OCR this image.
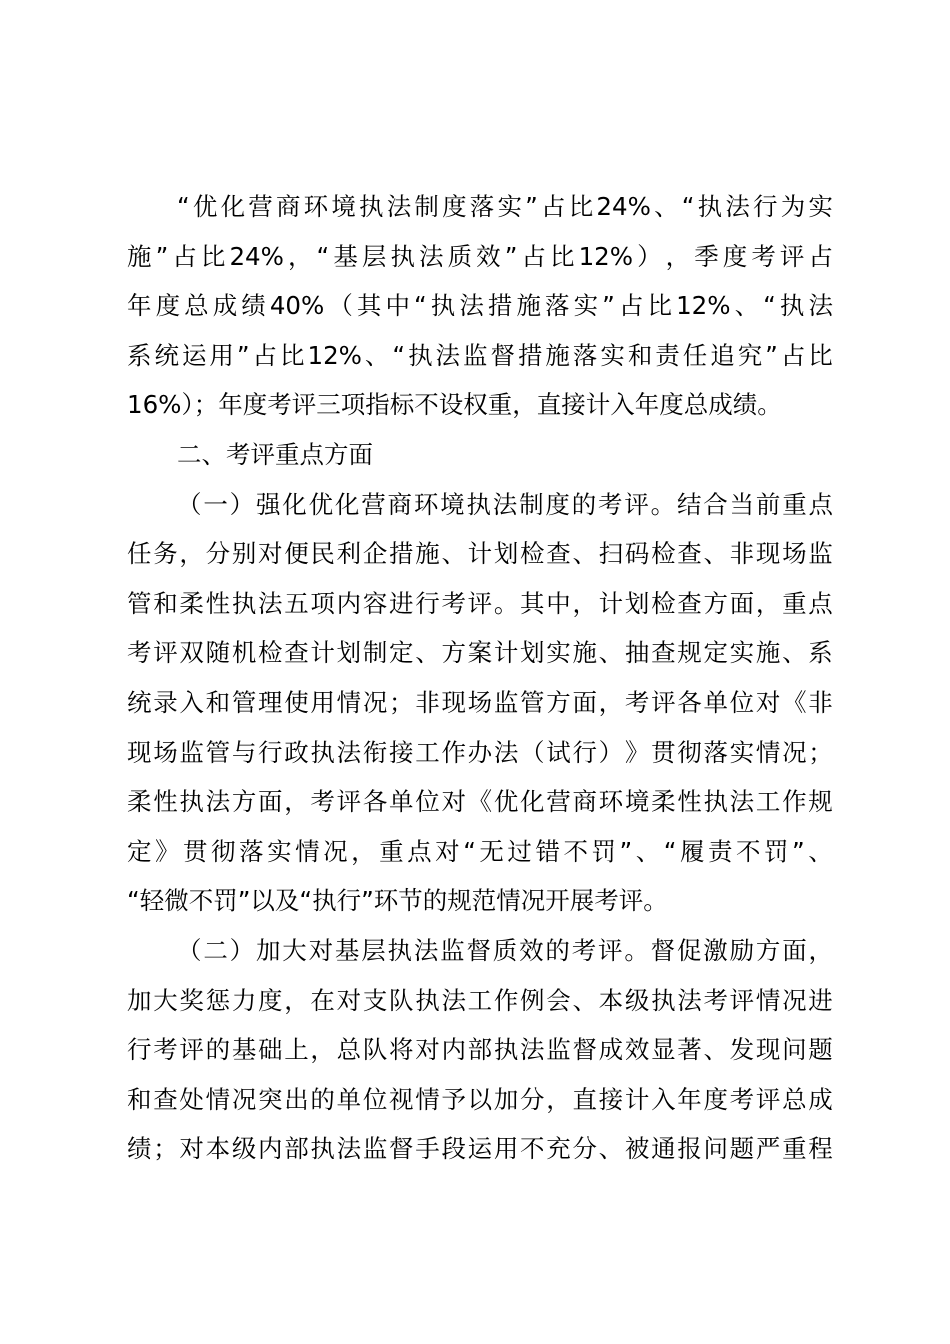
“ 优 化 营 商 环 境 执 法 制 度 落 实 ” 占 比 24% 、 “ 执 法 行 为 实
施 ” 占 比 24% ， “ 基 层 执 法 质 效 ” 占 比 12% ） ， 季 度 考 评 占
年 度 总 成 绩 40% （ 其 中 “ 执 法 措 施 落 实 ” 占 比 12% 、 “ 执 法
系 统 运 用 ” 占 比 12% 、 “ 执 法 监 督 措 施 落 实 和 责 任 追 究 ” 占 比
16%）；年度考评三项指标不设权重，直接计入年度总成绩。
二、考评重点方面
（ 一 ） 强 化 优 化 营 商 环 境 执 法 制 度 的 考 评 。 结 合 当 前 重 点
任 务 ， 分 别 对 便 民 利 企 措 施 、 计 划 检 查 、 扫 码 检 查 、 非 现 场 监
管 和 柔 性 执 法 五 项 内 容 进 行 考 评 。 其 中 ， 计 划 检 查 方 面 ， 重 点
考 评 双 随 机 检 查 计 划 制 定 、 方 案 计 划 实 施 、 抽 查 规 定 实 施 、 系
统 录 入 和 管 理 使 用 情 况 ； 非 现 场 监 管 方 面 ， 考 评 各 单 位 对 《 非
现 场 监 管 与 行 政 执 法 衔 接 工 作 办 法 （ 试 行 ） 》 贯 彻 落 实 情 况 ；
柔 性 执 法 方 面 ， 考 评 各 单 位 对 《 优 化 营 商 环 境 柔 性 执 法 工 作 规
定 》 贯 彻 落 实 情 况 ， 重 点 对 “ 无 过 错 不 罚 ” 、 “ 履 责 不 罚 ” 、
“轻微不罚”以及“执行”环节的规范情况开展考评。
（ 二 ） 加 大 对 基 层 执 法 监 督 质 效 的 考 评 。 督 促 激 励 方 面 ，
加 大 奖 惩 力 度 ， 在 对 支 队 执 法 工 作 例 会 、 本 级 执 法 考 评 情 况 进
行 考 评 的 基 础 上 ， 总 队 将 对 内 部 执 法 监 督 成 效 显 著 、 发 现 问 题
和 查 处 情 况 突 出 的 单 位 视 情 予 以 加 分 ， 直 接 计 入 年 度 考 评 总 成
绩 ； 对 本 级 内 部 执 法 监 督 手 段 运 用 不 充 分 、 被 通 报 问 题 严 重 程
